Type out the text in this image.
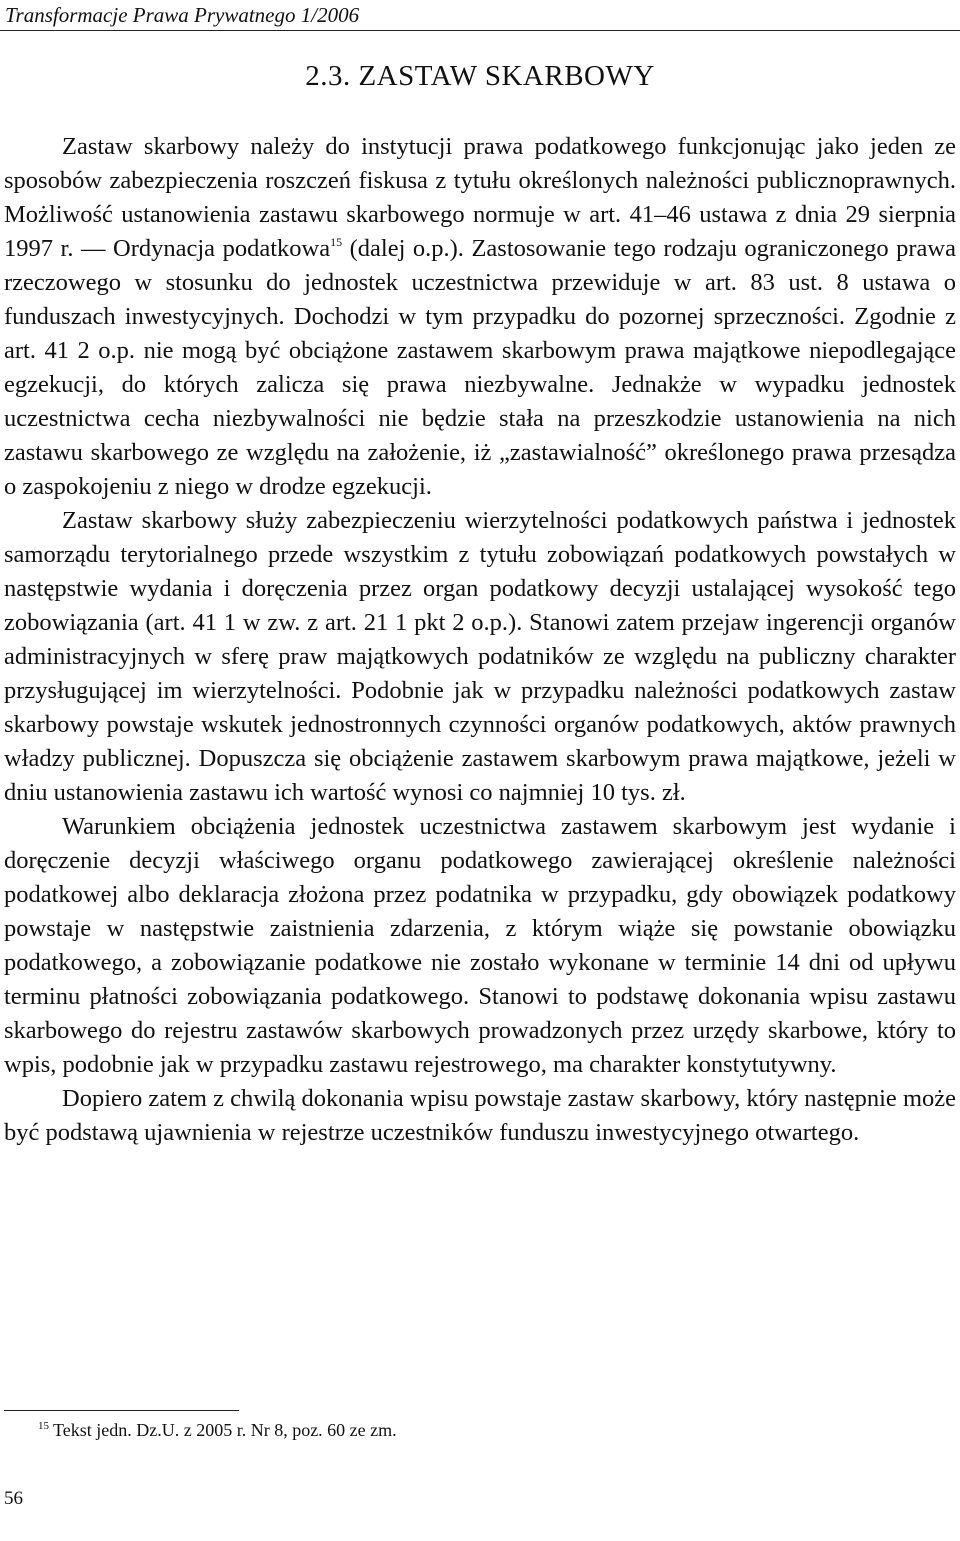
Transformacje Prawa Prywatnego 1/2006
2.3. ZASTAW SKARBOWY

Zastaw skarbowy należy do instytucji prawa podatkowego funkcjonując jako jeden ze sposobów zabezpieczenia roszczeń fiskusa z tytułu określonych należności publicznoprawnych. Możliwość ustanowienia zastawu skarbowego normuje w art. 41–46 ustawa z dnia 29 sierpnia 1997 r. — Ordynacja podatkowa$^{15}$ (dalej o.p.). Zastosowanie tego rodzaju ograniczonego prawa rzeczowego w stosunku do jednostek uczestnictwa przewiduje w art. 83 ust. 8 ustawa o funduszach inwestycyjnych. Dochodzi w tym przypadku do pozornej sprzeczności. Zgodnie z art. 41 2 o.p. nie mogą być obciążone zastawem skarbowym prawa majątkowe niepodlegające egzekucji, do których zalicza się prawa niezbywalne. Jednakże w wypadku jednostek uczestnictwa cecha niezbywalności nie będzie stała na przeszkodzie ustanowienia na nich zastawu skarbowego ze względu na założenie, iż „zastawialność” określonego prawa przesądza o zaspokojeniu z niego w drodze egzekucji.

Zastaw skarbowy służy zabezpieczeniu wierzytelności podatkowych państwa i jednostek samorządu terytorialnego przede wszystkim z tytułu zobowiązań podatkowych powstałych w następstwie wydania i doręczenia przez organ podatkowy decyzji ustalającej wysokość tego zobowiązania (art. 41 1 w zw. z art. 21 1 pkt 2 o.p.). Stanowi zatem przejaw ingerencji organów administracyjnych w sferę praw majątkowych podatników ze względu na publiczny charakter przysługującej im wierzytelności. Podobnie jak w przypadku należności podatkowych zastaw skarbowy powstaje wskutek jednostronnych czynności organów podatkowych, aktów prawnych władzy publicznej. Dopuszcza się obciążenie zastawem skarbowym prawa majątkowe, jeżeli w dniu ustanowienia zastawu ich wartość wynosi co najmniej 10 tys. zł.

Warunkiem obciążenia jednostek uczestnictwa zastawem skarbowym jest wydanie i doręczenie decyzji właściwego organu podatkowego zawierającej określenie należności podatkowej albo deklaracja złożona przez podatnika w przypadku, gdy obowiązek podatkowy powstaje w następstwie zaistnienia zdarzenia, z którym wiąże się powstanie obowiązku podatkowego, a zobowiązanie podatkowe nie zostało wykonane w terminie 14 dni od upływu terminu płatności zobowiązania podatkowego. Stanowi to podstawę dokonania wpisu zastawu skarbowego do rejestru zastawów skarbowych prowadzonych przez urzędy skarbowe, który to wpis, podobnie jak w przypadku zastawu rejestrowego, ma charakter konstytutywny.

Dopiero zatem z chwilą dokonania wpisu powstaje zastaw skarbowy, który następnie może być podstawą ujawnienia w rejestrze uczestników funduszu inwestycyjnego otwartego.

$^{15}$ Tekst jedn. Dz.U. z 2005 r. Nr 8, poz. 60 ze zm.
56
